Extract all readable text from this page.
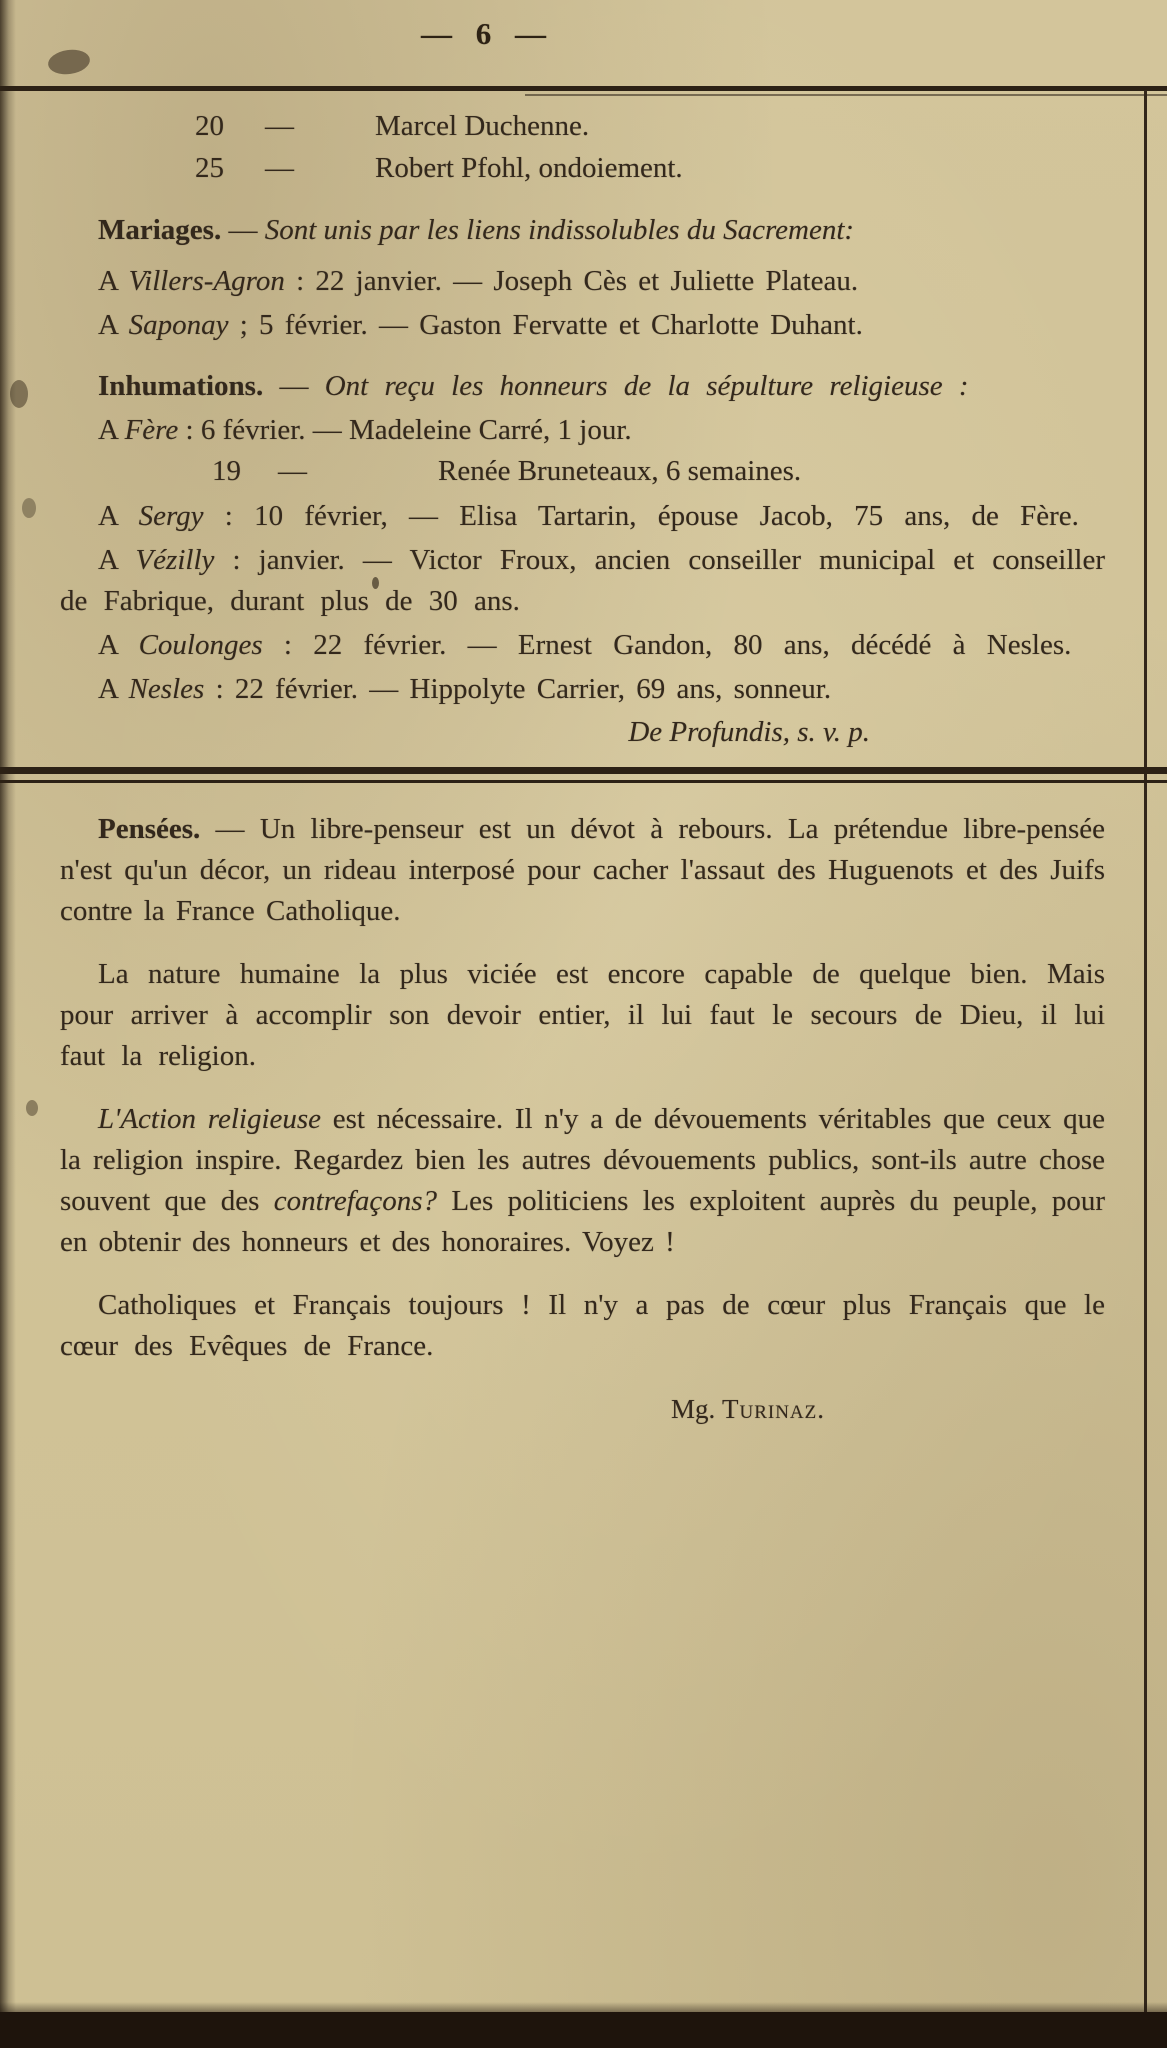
— 6 —
20 —	Marcel Duchenne.
25 —	Robert Pfohl, ondoiement.

Mariages. — Sont unis par les liens indissolubles du Sacrement:

A Villers-Agron : 22 janvier. — Joseph Cès et Juliette Plateau.

A Saponay ; 5 février. — Gaston Fervatte et Charlotte Duhant.

Inhumations. — Ont reçu les honneurs de la sépulture religieuse :

A Fère : 6 février. — Madeleine Carré, 1 jour.

19 —	Renée Bruneteaux, 6 semaines.

A Sergy : 10 février, — Elisa Tartarin, épouse Jacob, 75 ans, de Fère.

A Vézilly : janvier. — Victor Froux, ancien conseiller municipal et conseiller de Fabrique, durant plus de 30 ans.

A Coulonges : 22 février. — Ernest Gandon, 80 ans, décédé à Nesles.

A Nesles : 22 février. — Hippolyte Carrier, 69 ans, sonneur.

De Profundis, s. v. p.

Pensées. — Un libre-penseur est un dévot à rebours. La prétendue libre-pensée n'est qu'un décor, un rideau interposé pour cacher l'assaut des Huguenots et des Juifs contre la France Catholique.

La nature humaine la plus viciée est encore capable de quelque bien. Mais pour arriver à accomplir son devoir entier, il lui faut le secours de Dieu, il lui faut la religion.

L'Action religieuse est nécessaire. Il n'y a de dévouements véritables que ceux que la religion inspire. Regardez bien les autres dévouements publics, sont-ils autre chose souvent que des contrefaçons? Les politiciens les exploitent auprès du peuple, pour en obtenir des honneurs et des honoraires. Voyez !

Catholiques et Français toujours ! Il n'y a pas de cœur plus Français que le cœur des Evêques de France.

Mg. Turinaz.
